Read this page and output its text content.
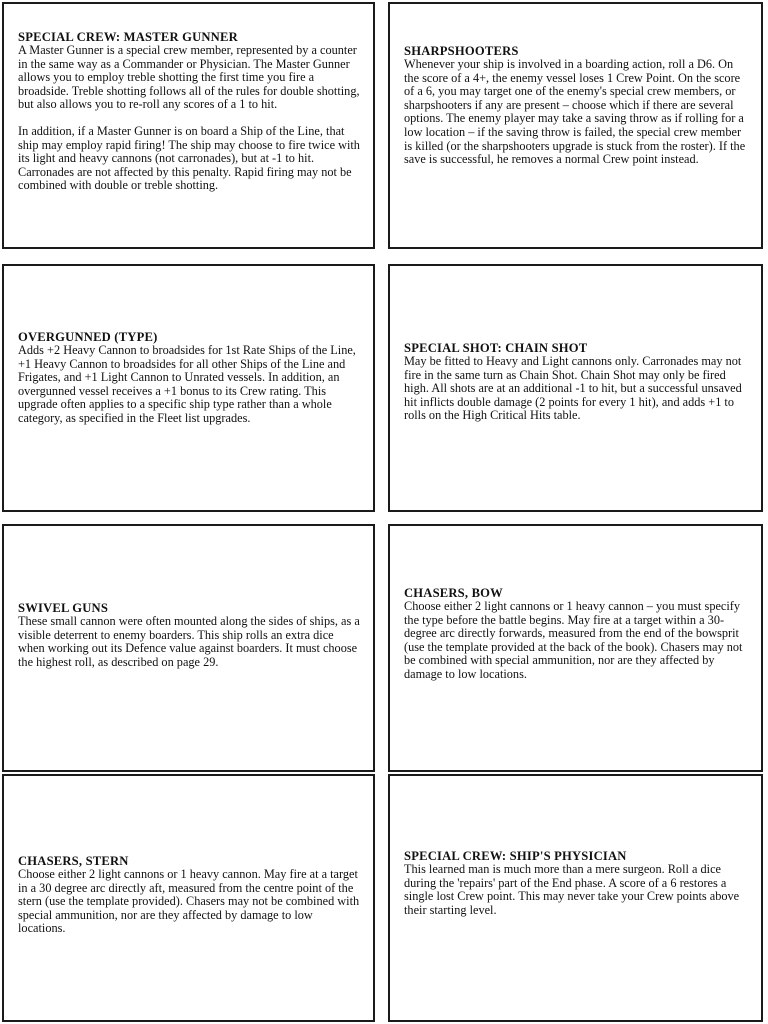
SPECIAL CREW: MASTER GUNNER

A Master Gunner is a special crew member, represented by a counter in the same way as a Commander or Physician. The Master Gunner allows you to employ treble shotting the first time you fire a broadside. Treble shotting follows all of the rules for double shotting, but also allows you to re-roll any scores of a 1 to hit.

In addition, if a Master Gunner is on board a Ship of the Line, that ship may employ rapid firing! The ship may choose to fire twice with its light and heavy cannons (not carronades), but at -1 to hit. Carronades are not affected by this penalty. Rapid firing may not be combined with double or treble shotting.

SHARPSHOOTERS

Whenever your ship is involved in a boarding action, roll a D6. On the score of a 4+, the enemy vessel loses 1 Crew Point. On the score of a 6, you may target one of the enemy's special crew members, or sharpshooters if any are present – choose which if there are several options. The enemy player may take a saving throw as if rolling for a low location – if the saving throw is failed, the special crew member is killed (or the sharpshooters upgrade is stuck from the roster). If the save is successful, he removes a normal Crew point instead.

OVERGUNNED (TYPE)

Adds +2 Heavy Cannon to broadsides for 1st Rate Ships of the Line, +1 Heavy Cannon to broadsides for all other Ships of the Line and Frigates, and +1 Light Cannon to Unrated vessels. In addition, an overgunned vessel receives a +1 bonus to its Crew rating. This upgrade often applies to a specific ship type rather than a whole category, as specified in the Fleet list upgrades.

SPECIAL SHOT: CHAIN SHOT

May be fitted to Heavy and Light cannons only. Carronades may not fire in the same turn as Chain Shot. Chain Shot may only be fired high. All shots are at an additional -1 to hit, but a successful unsaved hit inflicts double damage (2 points for every 1 hit), and adds +1 to rolls on the High Critical Hits table.

SWIVEL GUNS

These small cannon were often mounted along the sides of ships, as a visible deterrent to enemy boarders. This ship rolls an extra dice when working out its Defence value against boarders. It must choose the highest roll, as described on page 29.

CHASERS, BOW

Choose either 2 light cannons or 1 heavy cannon – you must specify the type before the battle begins. May fire at a target within a 30-degree arc directly forwards, measured from the end of the bowsprit (use the template provided at the back of the book). Chasers may not be combined with special ammunition, nor are they affected by damage to low locations.

CHASERS, STERN

Choose either 2 light cannons or 1 heavy cannon. May fire at a target in a 30 degree arc directly aft, measured from the centre point of the stern (use the template provided). Chasers may not be combined with special ammunition, nor are they affected by damage to low locations.

SPECIAL CREW: SHIP'S PHYSICIAN

This learned man is much more than a mere surgeon. Roll a dice during the 'repairs' part of the End phase. A score of a 6 restores a single lost Crew point. This may never take your Crew points above their starting level.
